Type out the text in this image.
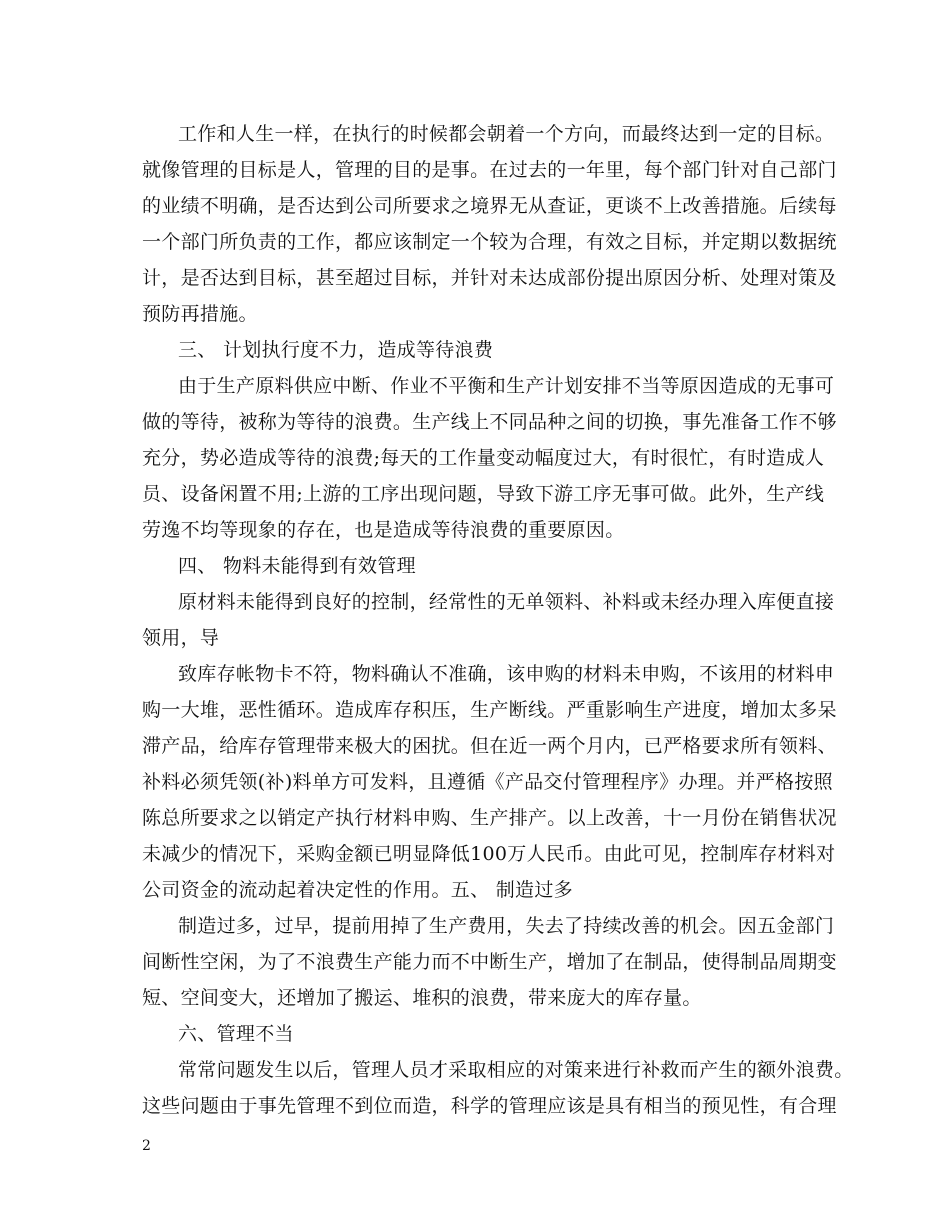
工作和人生一样，在执行的时候都会朝着一个方向，而最终达到一定的目标。
就像管理的目标是人，管理的目的是事。在过去的一年里，每个部门针对自己部门
的业绩不明确，是否达到公司所要求之境界无从查证，更谈不上改善措施。后续每
一个部门所负责的工作，都应该制定一个较为合理，有效之目标，并定期以数据统
计，是否达到目标，甚至超过目标，并针对未达成部份提出原因分析、处理对策及
预防再措施。
三、 计划执行度不力，造成等待浪费
由于生产原料供应中断、作业不平衡和生产计划安排不当等原因造成的无事可
做的等待，被称为等待的浪费。生产线上不同品种之间的切换，事先准备工作不够
充分，势必造成等待的浪费;每天的工作量变动幅度过大，有时很忙，有时造成人
员、设备闲置不用;上游的工序出现问题，导致下游工序无事可做。此外，生产线
劳逸不均等现象的存在，也是造成等待浪费的重要原因。
四、 物料未能得到有效管理
原材料未能得到良好的控制，经常性的无单领料、补料或未经办理入库便直接
领用，导
致库存帐物卡不符，物料确认不准确，该申购的材料未申购，不该用的材料申
购一大堆，恶性循环。造成库存积压，生产断线。严重影响生产进度，增加太多呆
滞产品，给库存管理带来极大的困扰。但在近一两个月内，已严格要求所有领料、
补料必须凭领(补)料单方可发料，且遵循《产品交付管理程序》办理。并严格按照
陈总所要求之以销定产执行材料申购、生产排产。以上改善，十一月份在销售状况
未减少的情况下，采购金额已明显降低100万人民币。由此可见，控制库存材料对
公司资金的流动起着决定性的作用。五、 制造过多
制造过多，过早，提前用掉了生产费用，失去了持续改善的机会。因五金部门
间断性空闲，为了不浪费生产能力而不中断生产，增加了在制品，使得制品周期变
短、空间变大，还增加了搬运、堆积的浪费，带来庞大的库存量。
六、管理不当
常常问题发生以后，管理人员才采取相应的对策来进行补救而产生的额外浪费。
这些问题由于事先管理不到位而造，科学的管理应该是具有相当的预见性，有合理
2
